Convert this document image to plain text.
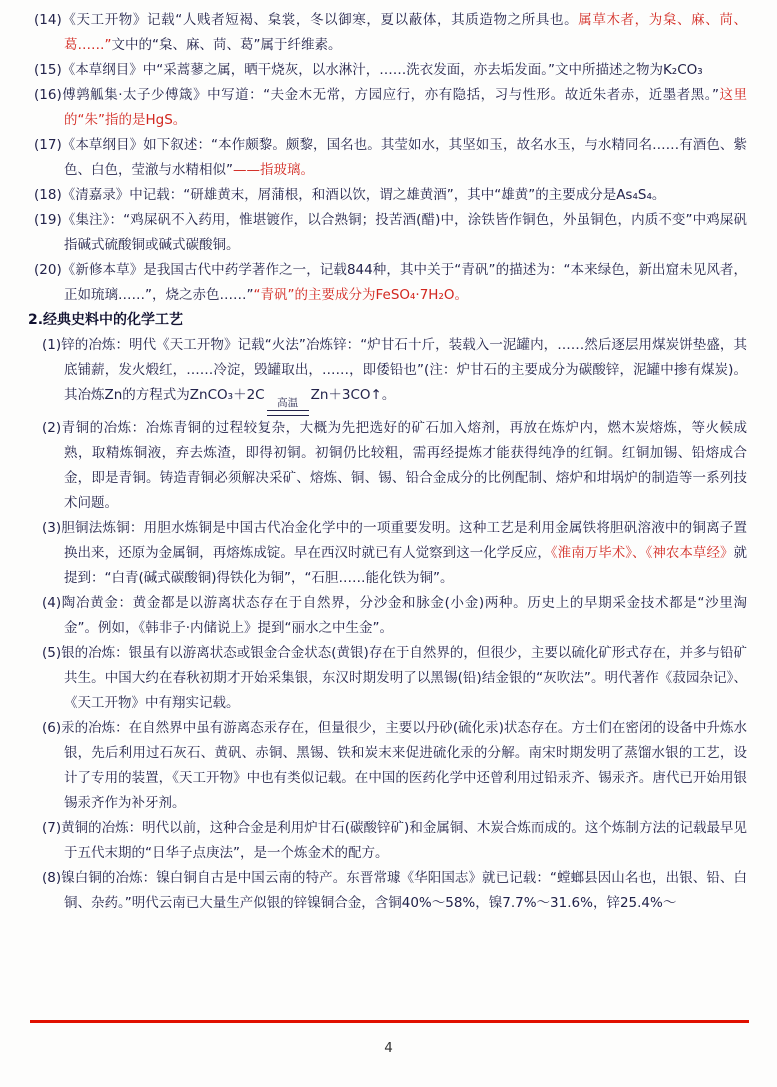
(14)《天工开物》记载“人贱者短褐、枲裳，冬以御寒，夏以蔽体，其质造物之所具也。属草木者，为枲、麻、苘、葛……”文中的“枲、麻、苘、葛”属于纤维素。
(15)《本草纲目》中“采蒿蓼之属，晒干烧灰，以水淋汁，……洗衣发面，亦去垢发面。”文中所描述之物为K₂CO₃
(16)傅鹑觚集·太子少傅箴》中写道：“夫金木无常，方园应行，亦有隐括，习与性形。故近朱者赤，近墨者黑。”这里的“朱”指的是HgS。
(17)《本草纲目》如下叙述：“本作颇黎。颇黎，国名也。其莹如水，其坚如玉，故名水玉，与水精同名……有酒色、紫色、白色，莹澈与水精相似”——指玻璃。
(18)《清嘉录》中记载：“研雄黄末，屑蒲根，和酒以饮，谓之雄黄酒”，其中“雄黄”的主要成分是As₄S₄。
(19)《集注》：“鸡屎矾不入药用，惟堪镀作，以合熟铜；投苦酒(醋)中，涂铁皆作铜色，外虽铜色，内质不变”中鸡屎矾指碱式硫酸铜或碱式碳酸铜。
(20)《新修本草》是我国古代中药学著作之一，记载844种，其中关于“青矾”的描述为：“本来绿色，新出窟未见风者，正如琉璃……”，烧之赤色……”“青矾”的主要成分为FeSO₄·7H₂O。
2.经典史料中的化学工艺
(1)锌的冶炼：明代《天工开物》记载“火法”冶炼锌：“炉甘石十斤，装载入一泥罐内，……然后逐层用煤炭饼垫盛，其底铺薪，发火煅红，……冷淀，毁罐取出，……，即倭铅也”(注：炉甘石的主要成分为碳酸锌，泥罐中掺有煤炭)。其冶炼Zn的方程式为ZnCO₃＋2C	高温 Zn＋3CO↑。
(2)青铜的冶炼：冶炼青铜的过程较复杂，大概为先把选好的矿石加入熔剂，再放在炼炉内，燃木炭熔炼，等火候成熟，取精炼铜液，弃去炼渣，即得初铜。初铜仍比较粗，需再经提炼才能获得纯净的红铜。红铜加锡、铅熔成合金，即是青铜。铸造青铜必须解决采矿、熔炼、铜、锡、铅合金成分的比例配制、熔炉和坩埚炉的制造等一系列技术问题。
(3)胆铜法炼铜：用胆水炼铜是中国古代冶金化学中的一项重要发明。这种工艺是利用金属铁将胆矾溶液中的铜离子置换出来，还原为金属铜，再熔炼成锭。早在西汉时就已有人觉察到这一化学反应，《淮南万毕术》、《神农本草经》就提到：“白青(碱式碳酸铜)得铁化为铜”，“石胆……能化铁为铜”。
(4)陶冶黄金：黄金都是以游离状态存在于自然界，分沙金和脉金(小金)两种。历史上的早期采金技术都是“沙里淘金”。例如，《韩非子·内储说上》提到“丽水之中生金”。
(5)银的冶炼：银虽有以游离状态或银金合金状态(黄银)存在于自然界的，但很少，主要以硫化矿形式存在，并多与铅矿共生。中国大约在春秋初期才开始采集银，东汉时期发明了以黑锡(铅)结金银的“灰吹法”。明代著作《菽园杂记》、《天工开物》中有翔实记载。
(6)汞的冶炼：在自然界中虽有游离态汞存在，但量很少，主要以丹砂(硫化汞)状态存在。方士们在密闭的设备中升炼水银，先后利用过石灰石、黄矾、赤铜、黑锡、铁和炭末来促进硫化汞的分解。南宋时期发明了蒸馏水银的工艺，设计了专用的装置，《天工开物》中也有类似记载。在中国的医药化学中还曾利用过铅汞齐、锡汞齐。唐代已开始用银锡汞齐作为补牙剂。
(7)黄铜的冶炼：明代以前，这种合金是利用炉甘石(碳酸锌矿)和金属铜、木炭合炼而成的。这个炼制方法的记载最早见于五代末期的“日华子点庚法”，是一个炼金术的配方。
(8)镍白铜的冶炼：镍白铜自古是中国云南的特产。东晋常璩《华阳国志》就已记载：“螳螂县因山名也，出银、铅、白铜、杂药。”明代云南已大量生产似银的锌镍铜合金，含铜40%～58%，镍7.7%～31.6%，锌25.4%～
4
